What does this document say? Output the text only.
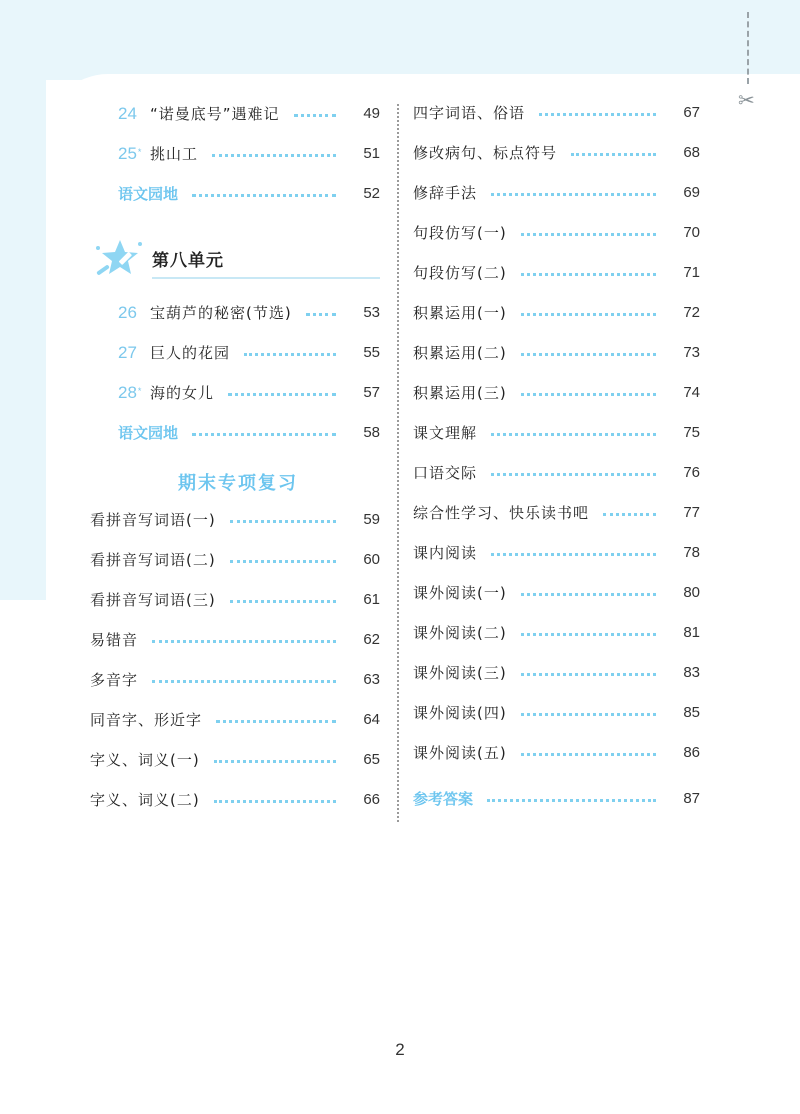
✂
24 “诺曼底号”遇难记	49
25* 挑山工	51
语文园地	52
第八单元
26 宝葫芦的秘密(节选)	53
27 巨人的花园	55
28* 海的女儿	57
语文园地	58
期末专项复习
看拼音写词语(一)	59
看拼音写词语(二)	60
看拼音写词语(三)	61
易错音	62
多音字	63
同音字、形近字	64
字义、词义(一)	65
字义、词义(二)	66
四字词语、俗语	67
修改病句、标点符号	68
修辞手法	69
句段仿写(一)	70
句段仿写(二)	71
积累运用(一)	72
积累运用(二)	73
积累运用(三)	74
课文理解	75
口语交际	76
综合性学习、快乐读书吧	77
课内阅读	78
课外阅读(一)	80
课外阅读(二)	81
课外阅读(三)	83
课外阅读(四)	85
课外阅读(五)	86
参考答案	87
2
